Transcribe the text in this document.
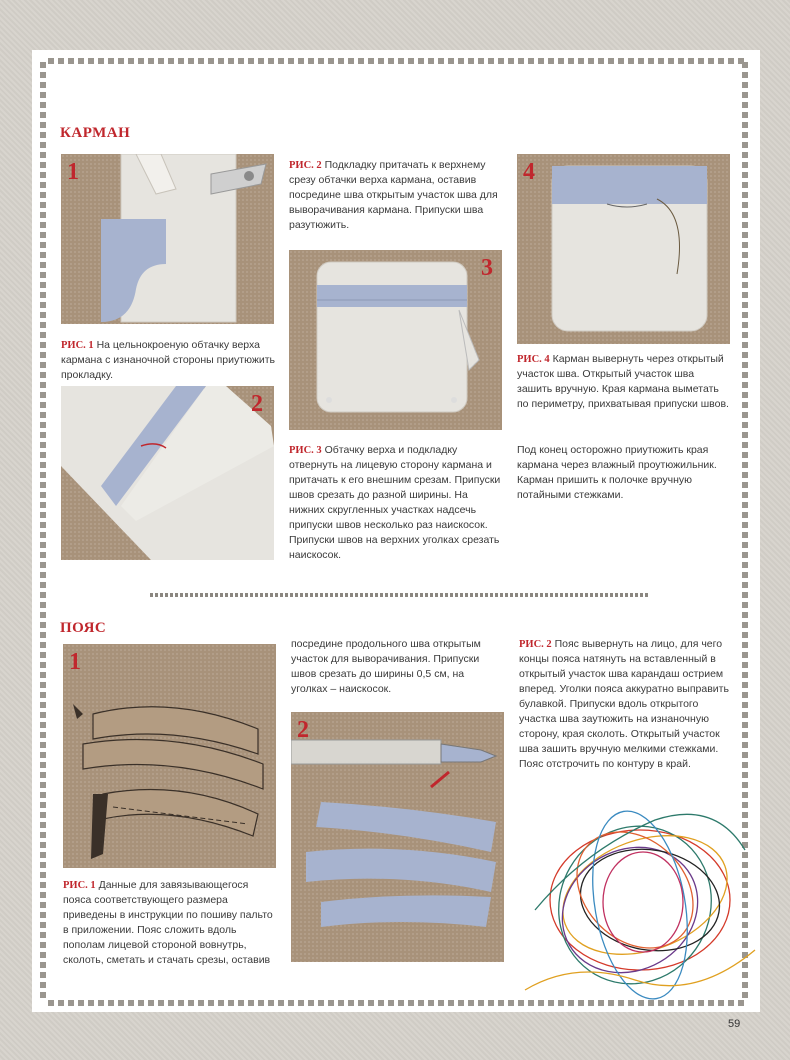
КАРМАН
1
РИС. 1 На цельнокроеную обтачку верха кармана с изнаночной стороны приутюжить прокладку.
2
РИС. 2 Подкладку притачать к верхнему срезу обтачки верха кармана, оставив посредине шва открытым участок шва для выворачивания кармана. Припуски шва разутюжить.
3
РИС. 3 Обтачку верха и подкладку отвернуть на лицевую сторону кармана и притачать к его внешним срезам. Припуски швов срезать до разной ширины. На нижних скругленных участках надсечь припуски швов несколько раз наискосок. Припуски швов на верхних уголках срезать наискосок.
4
РИС. 4 Карман вывернуть через открытый участок шва. Открытый участок шва зашить вручную. Края кармана выметать по периметру, прихватывая припуски швов.
Под конец осторожно приутюжить края кармана через влажный проутюжильник. Карман пришить к полочке вручную потайными стежками.
ПОЯС
1
РИС. 1 Данные для завязывающегося пояса соответствующего размера приведены в инструкции по пошиву пальто в приложении. Пояс сложить вдоль пополам лицевой стороной вовнутрь, сколоть, сметать и стачать срезы, оставив
посредине продольного шва открытым участок для выворачивания. Припуски швов срезать до ширины 0,5 см, на уголках – наискосок.
2
РИС. 2 Пояс вывернуть на лицо, для чего концы пояса натянуть на вставленный в открытый участок шва карандаш острием вперед. Уголки пояса аккуратно выправить булавкой. Припуски вдоль открытого участка шва заутюжить на изнаночную сторону, края сколоть. Открытый участок шва зашить вручную мелкими стежками. Пояс отстрочить по контуру в край.
59
